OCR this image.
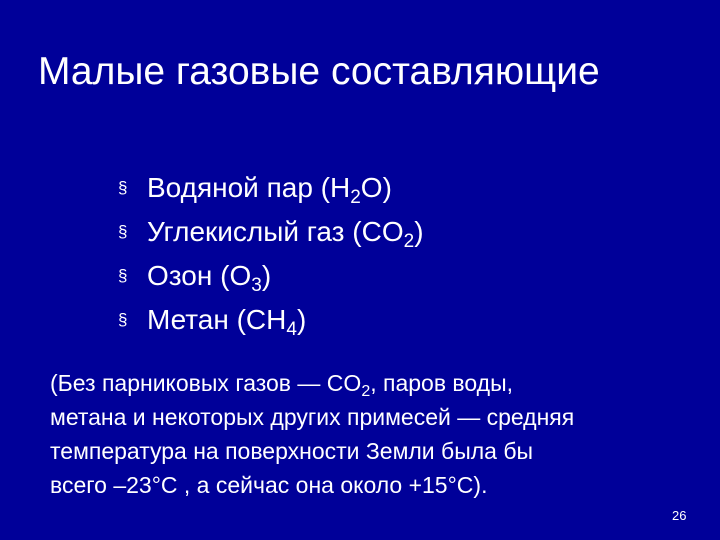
Малые газовые составляющие
§ Водяной пар $(H_2O)$
§ Углекислый газ $(CO_2)$
§ Озон $(O_3)$
§ Метан $(CH_4)$

(Без парниковых газов — $CO_2$, паров воды,

метана и некоторых других примесей — средняя

температура на поверхности Земли была бы

всего –23°C , а сейчас она около +15°C).

26
